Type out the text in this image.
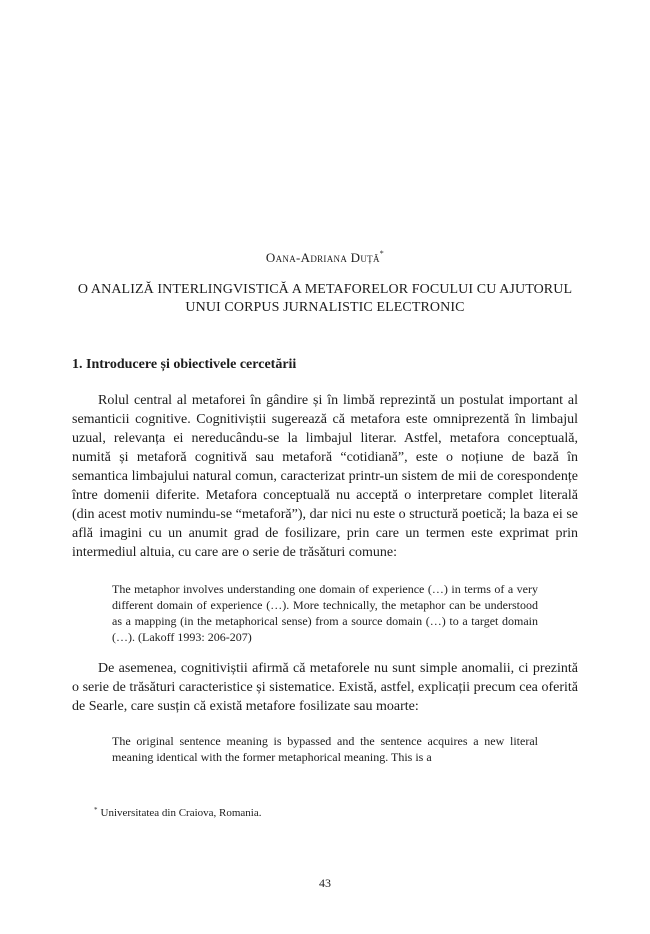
Oana-Adriana Duță*
O ANALIZĂ INTERLINGVISTICĂ A METAFORELOR FOCULUI CU AJUTORUL UNUI CORPUS JURNALISTIC ELECTRONIC
1. Introducere și obiectivele cercetării

Rolul central al metaforei în gândire și în limbă reprezintă un postulat important al semanticii cognitive. Cognitiviștii sugerează că metafora este omniprezentă în limbajul uzual, relevanța ei nereducându-se la limbajul literar. Astfel, metafora conceptuală, numită și metaforă cognitivă sau metaforă “cotidiană”, este o noțiune de bază în semantica limbajului natural comun, caracterizat printr-un sistem de mii de corespondențe între domenii diferite. Metafora conceptuală nu acceptă o interpretare complet literală (din acest motiv numindu-se “metaforă”), dar nici nu este o structură poetică; la baza ei se află imagini cu un anumit grad de fosilizare, prin care un termen este exprimat prin intermediul altuia, cu care are o serie de trăsături comune:

The metaphor involves understanding one domain of experience (…) in terms of a very different domain of experience (…). More technically, the metaphor can be understood as a mapping (in the metaphorical sense) from a source domain (…) to a target domain (…). (Lakoff 1993: 206-207)

De asemenea, cognitiviștii afirmă că metaforele nu sunt simple anomalii, ci prezintă o serie de trăsături caracteristice și sistematice. Există, astfel, explicații precum cea oferită de Searle, care susțin că există metafore fosilizate sau moarte:

The original sentence meaning is bypassed and the sentence acquires a new literal meaning identical with the former metaphorical meaning. This is a

* Universitatea din Craiova, Romania.
43
